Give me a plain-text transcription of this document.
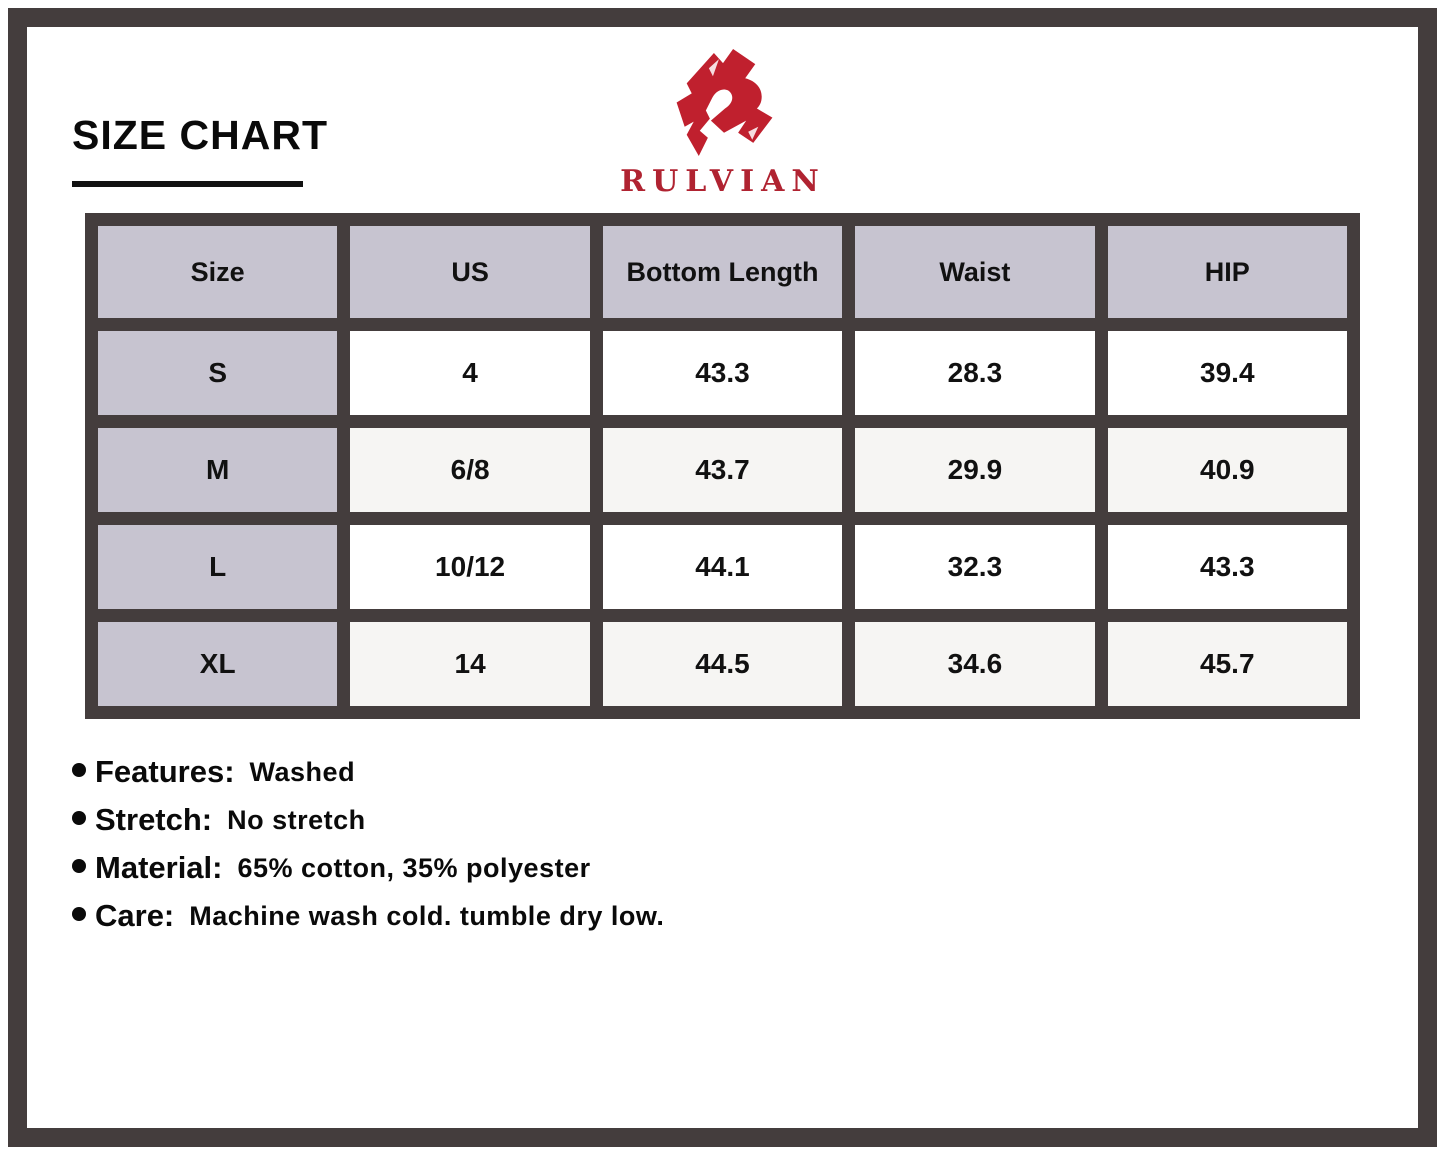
SIZE CHART
RULVIAN
Size	US	Bottom Length	Waist	HIP
S	4	43.3	28.3	39.4
M	6/8	43.7	29.9	40.9
L	10/12	44.1	32.3	43.3
XL	14	44.5	34.6	45.7
Features: Washed
Stretch: No stretch
Material: 65% cotton, 35% polyester
Care: Machine wash cold. tumble dry low.
